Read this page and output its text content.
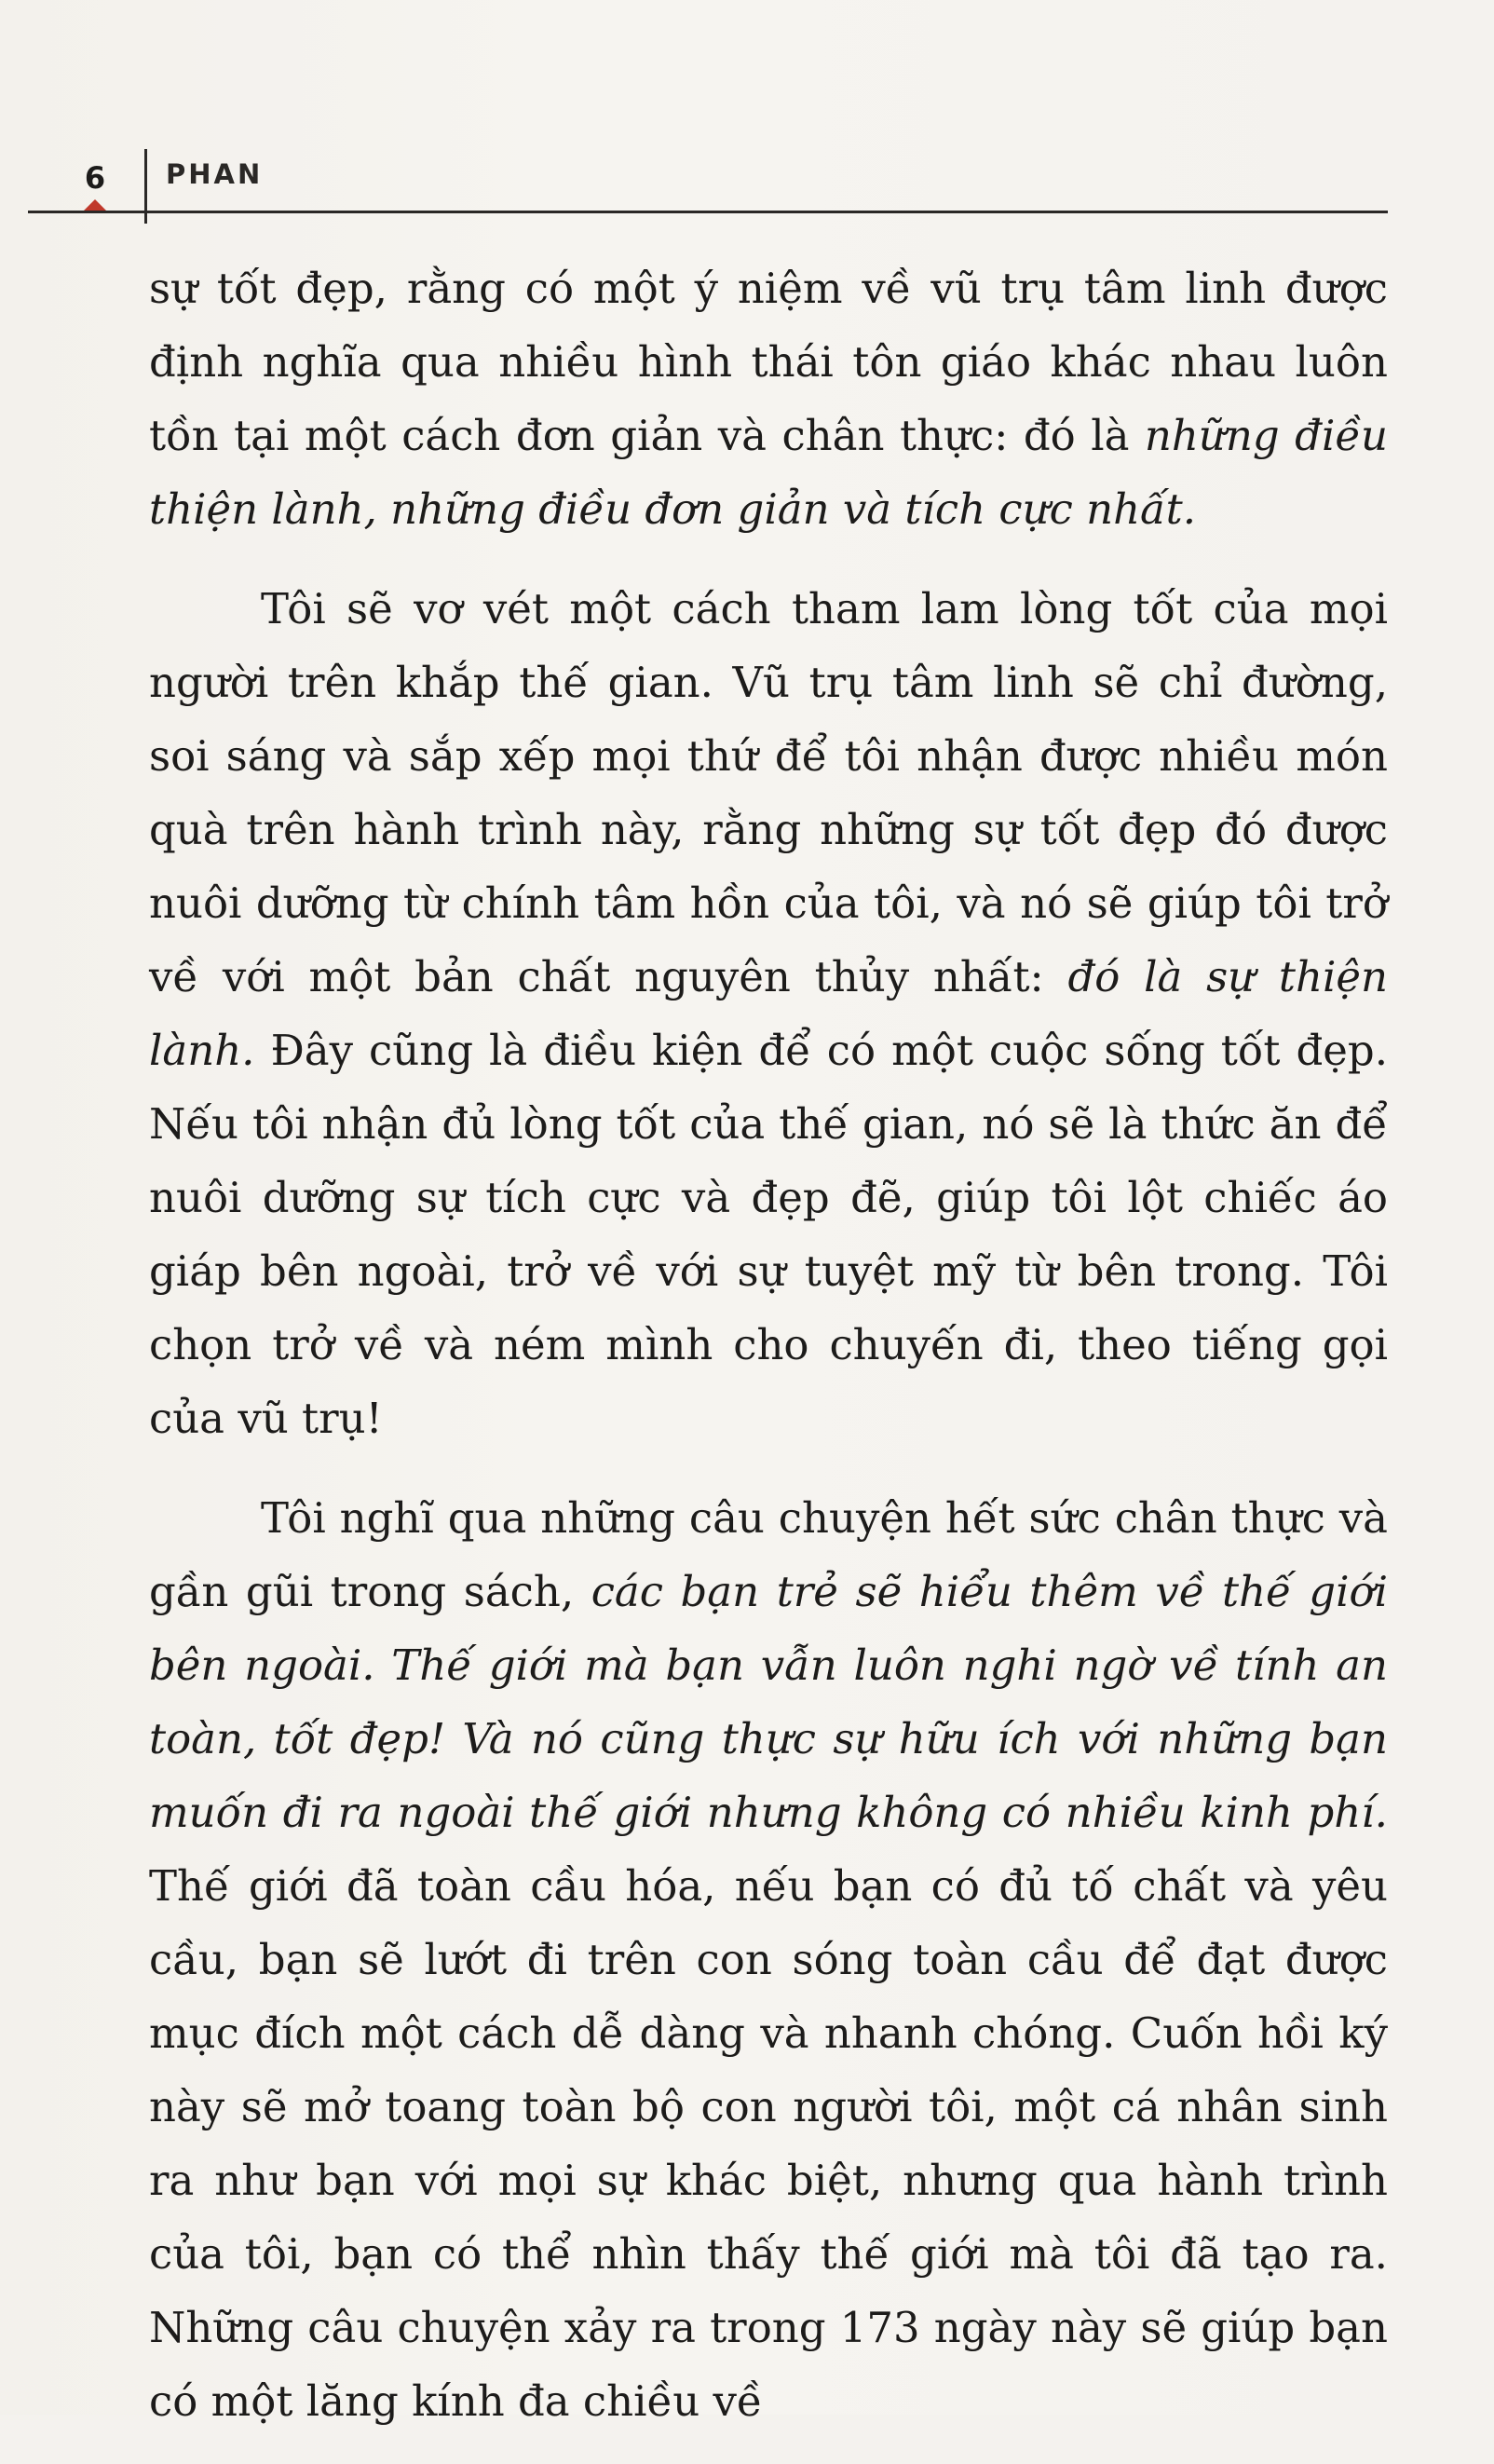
6	PHAN

sự tốt đẹp, rằng có một ý niệm về vũ trụ tâm linh được định nghĩa qua nhiều hình thái tôn giáo khác nhau luôn tồn tại một cách đơn giản và chân thực: đó là những điều thiện lành, những điều đơn giản và tích cực nhất.

Tôi sẽ vơ vét một cách tham lam lòng tốt của mọi người trên khắp thế gian. Vũ trụ tâm linh sẽ chỉ đường, soi sáng và sắp xếp mọi thứ để tôi nhận được nhiều món quà trên hành trình này, rằng những sự tốt đẹp đó được nuôi dưỡng từ chính tâm hồn của tôi, và nó sẽ giúp tôi trở về với một bản chất nguyên thủy nhất: đó là sự thiện lành. Đây cũng là điều kiện để có một cuộc sống tốt đẹp. Nếu tôi nhận đủ lòng tốt của thế gian, nó sẽ là thức ăn để nuôi dưỡng sự tích cực và đẹp đẽ, giúp tôi lột chiếc áo giáp bên ngoài, trở về với sự tuyệt mỹ từ bên trong. Tôi chọn trở về và ném mình cho chuyến đi, theo tiếng gọi của vũ trụ!

Tôi nghĩ qua những câu chuyện hết sức chân thực và gần gũi trong sách, các bạn trẻ sẽ hiểu thêm về thế giới bên ngoài. Thế giới mà bạn vẫn luôn nghi ngờ về tính an toàn, tốt đẹp! Và nó cũng thực sự hữu ích với những bạn muốn đi ra ngoài thế giới nhưng không có nhiều kinh phí. Thế giới đã toàn cầu hóa, nếu bạn có đủ tố chất và yêu cầu, bạn sẽ lướt đi trên con sóng toàn cầu để đạt được mục đích một cách dễ dàng và nhanh chóng. Cuốn hồi ký này sẽ mở toang toàn bộ con người tôi, một cá nhân sinh ra như bạn với mọi sự khác biệt, nhưng qua hành trình của tôi, bạn có thể nhìn thấy thế giới mà tôi đã tạo ra. Những câu chuyện xảy ra trong 173 ngày này sẽ giúp bạn có một lăng kính đa chiều về
